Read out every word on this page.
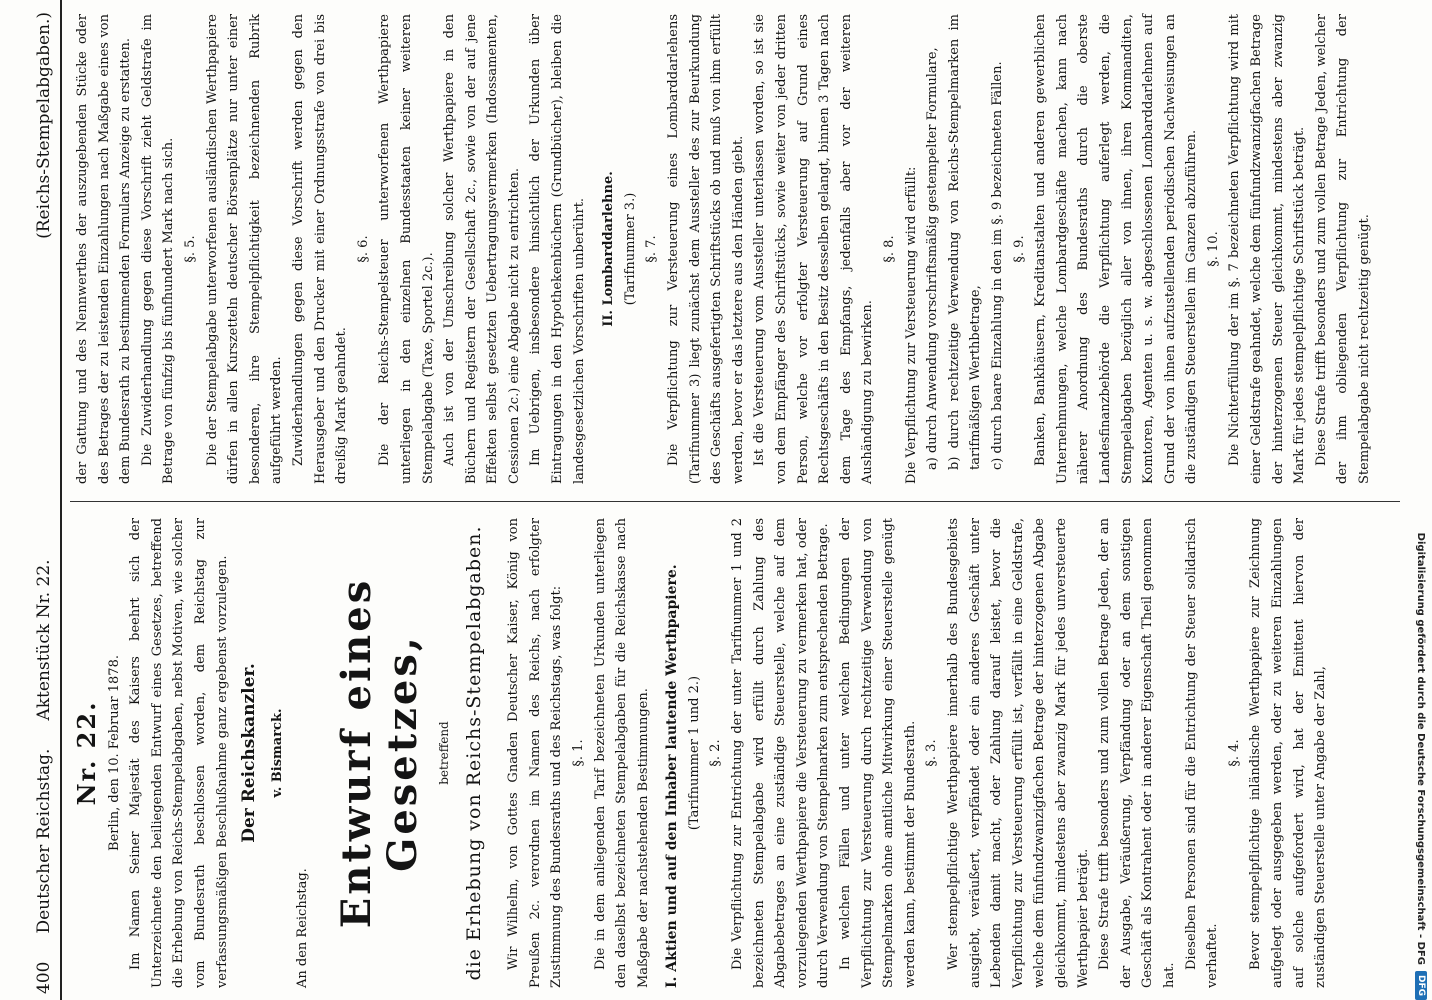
400
Deutscher Reichstag.
Aktenstück Nr. 22.
(Reichs-Stempelabgaben.)
Nr. 22. Berlin, den 10. Februar 1878. Im Namen Seiner Majestät des Kaisers beehrt sich der Unterzeichnete den beiliegenden Entwurf eines Gesetzes, betreffend die Erhebung von Reichs-Stempelabgaben, nebst Motiven, wie solcher vom Bundesrath beschlossen worden, dem Reichstag zur verfassungsmäßigen Beschlußnahme ganz ergebenst vorzulegen. Der Reichskanzler. v. Bismarck.

An den Reichstag. Entwurf eines Gesetzes, betreffend die Erhebung von Reichs-Stempelabgaben. Wir Wilhelm, von Gottes Gnaden Deutscher Kaiser, König von Preußen 2c. verordnen im Namen des Reichs, nach erfolgter Zustimmung des Bundesraths und des Reichstags, was folgt: §. 1. Die in dem anliegenden Tarif bezeichneten Urkunden unterliegen den daselbst bezeichneten Stempelabgaben für die Reichskasse nach Maßgabe der nachstehenden Bestimmungen. I. Aktien und auf den Inhaber lautende Werthpapiere. (Tarifnummer 1 und 2.) §. 2. Die Verpflichtung zur Entrichtung der unter Tarifnummer 1 und 2 bezeichneten Stempelabgabe wird erfüllt durch Zahlung des Abgabebetrages an eine zuständige Steuerstelle, welche auf dem vorzulegenden Werthpapiere die Versteuerung zu vermerken hat, oder durch Verwendung von Stempelmarken zum entsprechenden Betrage. In welchen Fällen und unter welchen Bedingungen der Verpflichtung zur Versteuerung durch rechtzeitige Verwendung von Stempelmarken ohne amtliche Mitwirkung einer Steuerstelle genügt werden kann, bestimmt der Bundesrath. §. 3. Wer stempelpflichtige Werthpapiere innerhalb des Bundesgebiets ausgiebt, veräußert, verpfändet oder ein anderes Geschäft unter Lebenden damit macht, oder Zahlung darauf leistet, bevor die Verpflichtung zur Versteuerung erfüllt ist, verfällt in eine Geldstrafe, welche dem fünfundzwanzigfachen Betrage der hinterzogenen Abgabe gleichkommt, mindestens aber zwanzig Mark für jedes unversteuerte Werthpapier beträgt. Diese Strafe trifft besonders und zum vollen Betrage Jeden, der an der Ausgabe, Veräußerung, Verpfändung oder an dem sonstigen Geschäft als Kontrahent oder in anderer Eigenschaft Theil genommen hat.

Dieselben Personen sind für die Entrichtung der Steuer solidarisch verhaftet.

§. 4. Bevor stempelpflichtige inländische Werthpapiere zur Zeichnung aufgelegt oder ausgegeben werden, oder zu weiteren Einzahlungen auf solche aufgefordert wird, hat der Emittent hiervon der zuständigen Steuerstelle unter Angabe der Zahl,

der Gattung und des Nennwerthes der auszugebenden Stücke oder des Betrages der zu leistenden Einzahlungen nach Maßgabe eines von dem Bundesrath zu bestimmenden Formulars Anzeige zu erstatten. Die Zuwiderhandlung gegen diese Vorschrift zieht Geldstrafe im Betrage von fünfzig bis fünfhundert Mark nach sich. §. 5. Die der Stempelabgabe unterworfenen ausländischen Werthpapiere dürfen in allen Kurszetteln deutscher Börsenplätze nur unter einer besonderen, ihre Stempelpflichtigkeit bezeichnenden Rubrik aufgeführt werden. Zuwiderhandlungen gegen diese Vorschrift werden gegen den Herausgeber und den Drucker mit einer Ordnungsstrafe von drei bis dreißig Mark geahndet.

§. 6. Die der Reichs-Stempelsteuer unterworfenen Werthpapiere unterliegen in den einzelnen Bundesstaaten keiner weiteren Stempelabgabe (Taxe, Sportel 2c.). Auch ist von der Umschreibung solcher Werthpapiere in den Büchern und Registern der Gesellschaft 2c., sowie von der auf jene Effekten selbst gesetzten Uebertragungsvermerken (Indossamenten, Cessionen 2c.) eine Abgabe nicht zu entrichten. Im Uebrigen, insbesondere hinsichtlich der Urkunden über Eintragungen in den Hypothekenbüchern (Grundbücher), bleiben die landesgesetzlichen Vorschriften unberührt. II. Lombarddarlehne. (Tarifnummer 3.) §. 7. Die Verpflichtung zur Versteuerung eines Lombarddarlehens (Tarifnummer 3) liegt zunächst dem Aussteller des zur Beurkundung des Geschäfts ausgefertigten Schriftstücks ob und muß von ihm erfüllt werden, bevor er das letztere aus den Händen giebt. Ist die Versteuerung vom Aussteller unterlassen worden, so ist sie von dem Empfänger des Schriftstücks, sowie weiter von jeder dritten Person, welche vor erfolgter Versteuerung auf Grund eines Rechtsgeschäfts in den Besitz desselben gelangt, binnen 3 Tagen nach dem Tage des Empfangs, jedenfalls aber vor der weiteren Aushändigung zu bewirken.

§. 8. Die Verpflichtung zur Versteuerung wird erfüllt: a) durch Anwendung vorschriftsmäßig gestempelter Formulare, b) durch rechtzeitige Verwendung von Reichs-Stempelmarken im tarifmäßigen Werthbetrage, c) durch baare Einzahlung in den im §. 9 bezeichneten Fällen. §. 9. Banken, Bankhäusern, Kreditanstalten und anderen gewerblichen Unternehmungen, welche Lombardgeschäfte machen, kann nach näherer Anordnung des Bundesraths durch die oberste Landesfinanzbehörde die Verpflichtung auferlegt werden, die Stempelabgaben bezüglich aller von ihnen, ihren Kommanditen, Komtoren, Agenten u. s. w. abgeschlossenen Lombarddarlehnen auf Grund der von ihnen aufzustellenden periodischen Nachweisungen an die zuständigen Steuerstellen im Ganzen abzuführen. §. 10. Die Nichterfüllung der im §. 7 bezeichneten Verpflichtung wird mit einer Geldstrafe geahndet, welche dem fünfundzwanzigfachen Betrage der hinterzogenen Steuer gleichkommt, mindestens aber zwanzig Mark für jedes stempelpflichtige Schriftstück beträgt. Diese Strafe trifft besonders und zum vollen Betrage Jeden, welcher der ihm obliegenden Verpflichtung zur Entrichtung der Stempelabgabe nicht rechtzeitig genügt.

Digitalisierung gefördert durch die Deutsche Forschungsgemeinschaft - DFG
DFG
